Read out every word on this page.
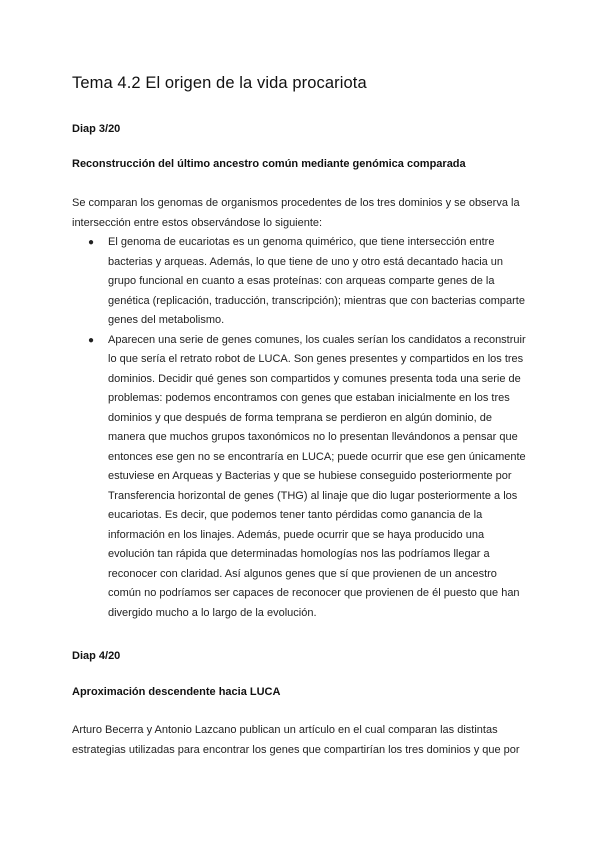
Tema 4.2 El origen de la vida procariota
Diap 3/20
Reconstrucción del último ancestro común mediante genómica comparada

Se comparan los genomas de organismos procedentes de los tres dominios y se observa la intersección entre estos observándose lo siguiente:

● El genoma de eucariotas es un genoma quimérico, que tiene intersección entre bacterias y arqueas. Además, lo que tiene de uno y otro está decantado hacia un grupo funcional en cuanto a esas proteínas: con arqueas comparte genes de la genética (replicación, traducción, transcripción); mientras que con bacterias comparte genes del metabolismo.
● Aparecen una serie de genes comunes, los cuales serían los candidatos a reconstruir lo que sería el retrato robot de LUCA. Son genes presentes y compartidos en los tres dominios. Decidir qué genes son compartidos y comunes presenta toda una serie de problemas: podemos encontramos con genes que estaban inicialmente en los tres dominios y que después de forma temprana se perdieron en algún dominio, de manera que muchos grupos taxonómicos no lo presentan llevándonos a pensar que entonces ese gen no se encontraría en LUCA; puede ocurrir que ese gen únicamente estuviese en Arqueas y Bacterias y que se hubiese conseguido posteriormente por Transferencia horizontal de genes (THG) al linaje que dio lugar posteriormente a los eucariotas. Es decir, que podemos tener tanto pérdidas como ganancia de la información en los linajes. Además, puede ocurrir que se haya producido una evolución tan rápida que determinadas homologías nos las podríamos llegar a reconocer con claridad. Así algunos genes que sí que provienen de un ancestro común no podríamos ser capaces de reconocer que provienen de él puesto que han divergido mucho a lo largo de la evolución.
Diap 4/20
Aproximación descendente hacia LUCA

Arturo Becerra y Antonio Lazcano publican un artículo en el cual comparan las distintas estrategias utilizadas para encontrar los genes que compartirían los tres dominios y que por
